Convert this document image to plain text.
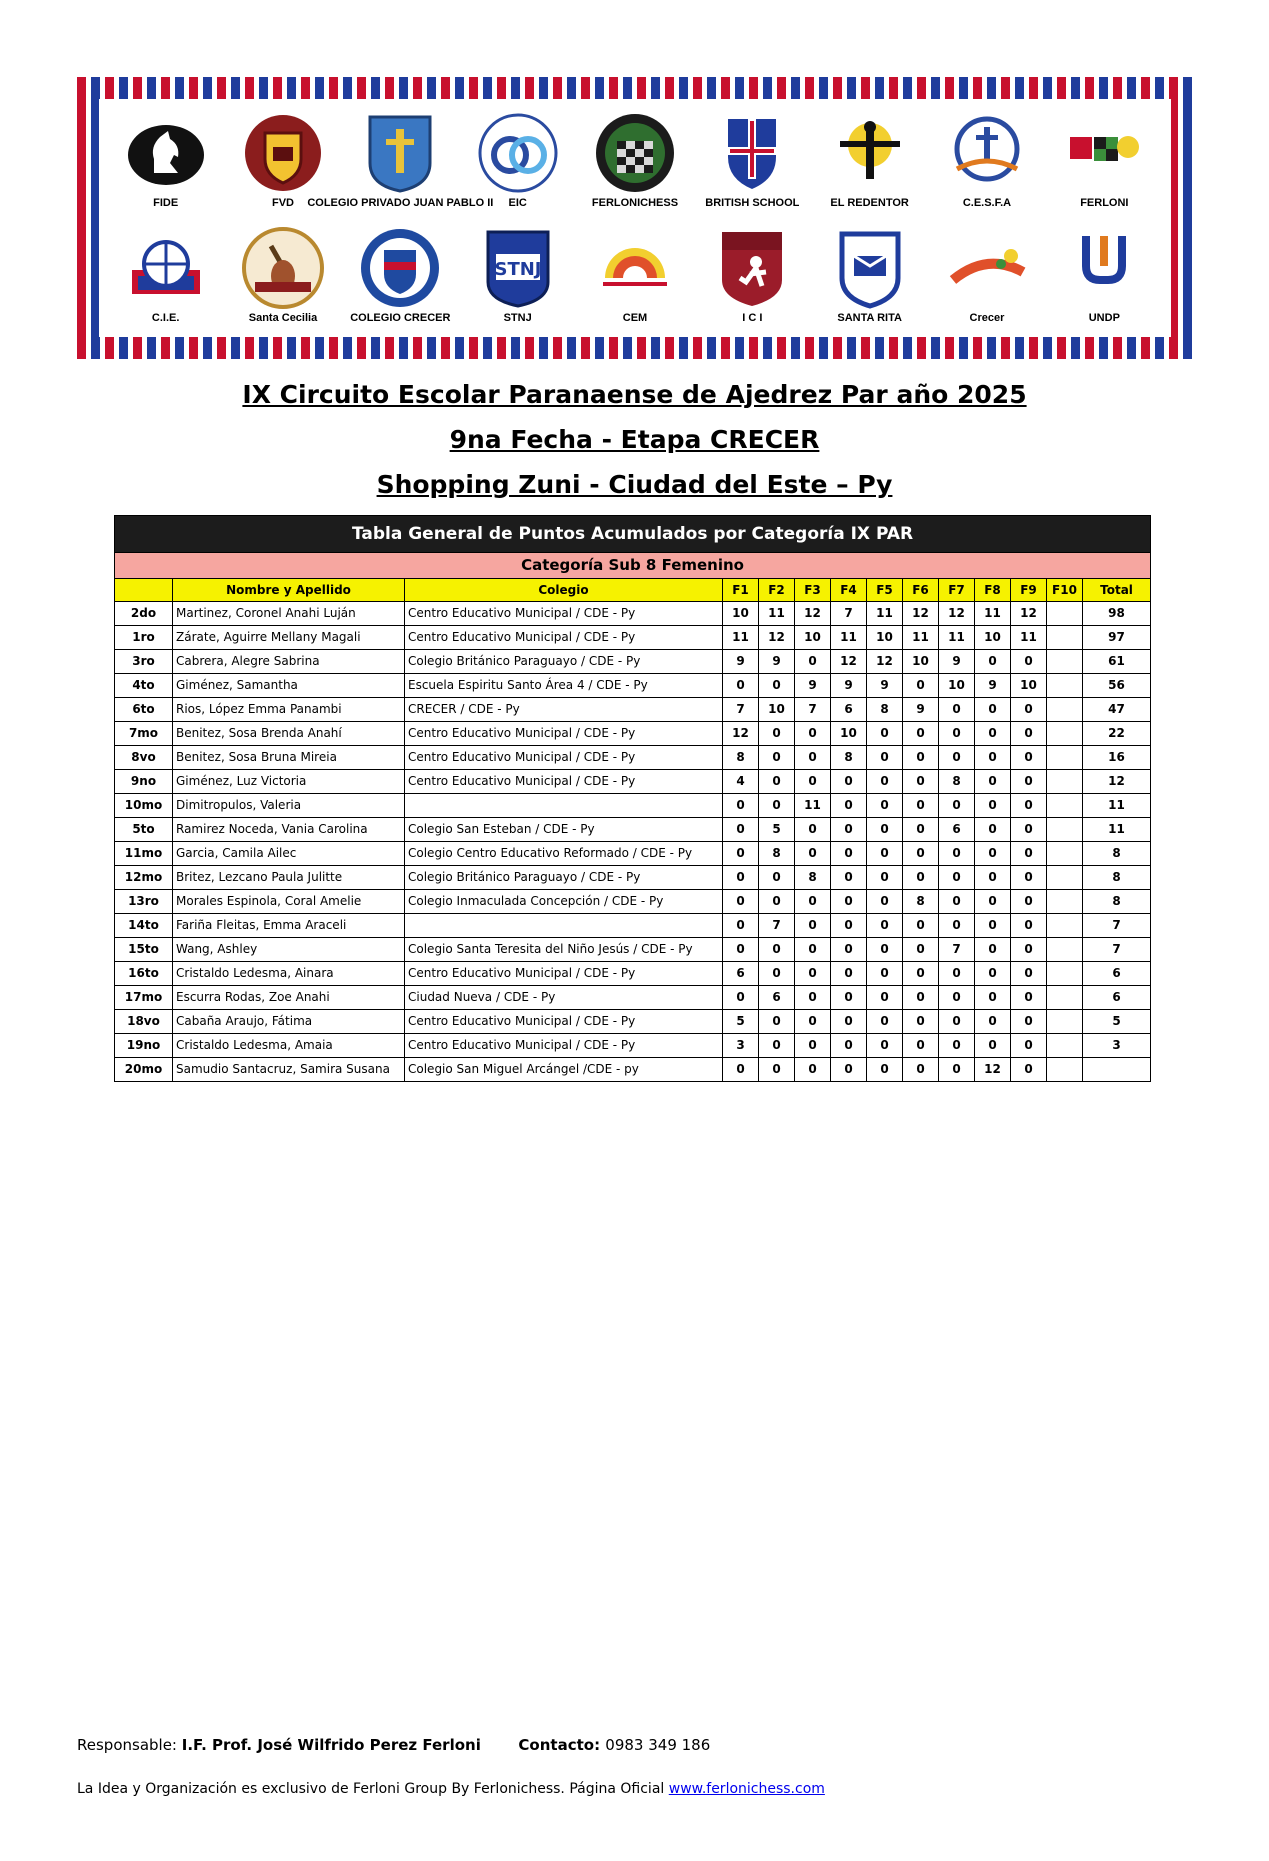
FIDE	FVD COLEGIO PRIVADO JUAN PABLO II EIC	FERLONICHESS BRITISH SCHOOL	EL REDENTOR	C.E.S.F.A	FERLONI
C.I.E.	Santa Cecilia	COLEGIO CRECER
STNJ
STNJ	CEM	I C I	SANTA RITA	Crecer	UNDP

IX Circuito Escolar Paranaense de Ajedrez Par año 2025

9na Fecha - Etapa CRECER

Shopping Zuni - Ciudad del Este – Py

Tabla General de Puntos Acumulados por Categoría IX PAR													
Categoría Sub 8 Femenino													
	Nombre y Apellido	Colegio	F1	F2	F3	F4	F5	F6	F7	F8	F9	F10	Total
2do	Martinez, Coronel Anahi Luján	Centro Educativo Municipal / CDE - Py	10	11	12	7	11	12	12	11	12		98
1ro	Zárate, Aguirre Mellany Magali	Centro Educativo Municipal / CDE - Py	11	12	10	11	10	11	11	10	11		97
3ro	Cabrera, Alegre Sabrina	Colegio Británico Paraguayo / CDE - Py	9	9	0	12	12	10	9	0	0		61
4to	Giménez, Samantha	Escuela Espiritu Santo Área 4 / CDE - Py	0	0	9	9	9	0	10	9	10		56
6to	Rios, López Emma Panambi	CRECER / CDE - Py	7	10	7	6	8	9	0	0	0		47
7mo	Benitez, Sosa Brenda Anahí	Centro Educativo Municipal / CDE - Py	12	0	0	10	0	0	0	0	0		22
8vo	Benitez, Sosa Bruna Mireia	Centro Educativo Municipal / CDE - Py	8	0	0	8	0	0	0	0	0		16
9no	Giménez, Luz Victoria	Centro Educativo Municipal / CDE - Py	4	0	0	0	0	0	8	0	0		12
10mo	Dimitropulos, Valeria		0	0	11	0	0	0	0	0	0		11
5to	Ramirez Noceda, Vania Carolina	Colegio San Esteban / CDE - Py	0	5	0	0	0	0	6	0	0		11
11mo	Garcia, Camila Ailec	Colegio Centro Educativo Reformado / CDE - Py	0	8	0	0	0	0	0	0	0		8
12mo	Britez, Lezcano Paula Julitte	Colegio Británico Paraguayo / CDE - Py	0	0	8	0	0	0	0	0	0		8
13ro	Morales Espinola, Coral Amelie	Colegio Inmaculada Concepción / CDE - Py	0	0	0	0	0	8	0	0	0		8
14to	Fariña Fleitas, Emma Araceli		0	7	0	0	0	0	0	0	0		7
15to	Wang, Ashley	Colegio Santa Teresita del Niño Jesús / CDE - Py	0	0	0	0	0	0	7	0	0		7
16to	Cristaldo Ledesma, Ainara	Centro Educativo Municipal / CDE - Py	6	0	0	0	0	0	0	0	0		6
17mo	Escurra Rodas, Zoe Anahi	Ciudad Nueva / CDE - Py	0	6	0	0	0	0	0	0	0		6
18vo	Cabaña Araujo, Fátima	Centro Educativo Municipal / CDE - Py	5	0	0	0	0	0	0	0	0		5
19no	Cristaldo Ledesma, Amaia	Centro Educativo Municipal / CDE - Py	3	0	0	0	0	0	0	0	0		3
20mo	Samudio Santacruz, Samira Susana	Colegio San Miguel Arcángel /CDE - py	0	0	0	0	0	0	0	12	0		
Responsable: I.F. Prof. José Wilfrido Perez Ferloni	Contacto: 0983 349 186
La Idea y Organización es exclusivo de Ferloni Group By Ferlonichess. Página Oficial www.ferlonichess.com
